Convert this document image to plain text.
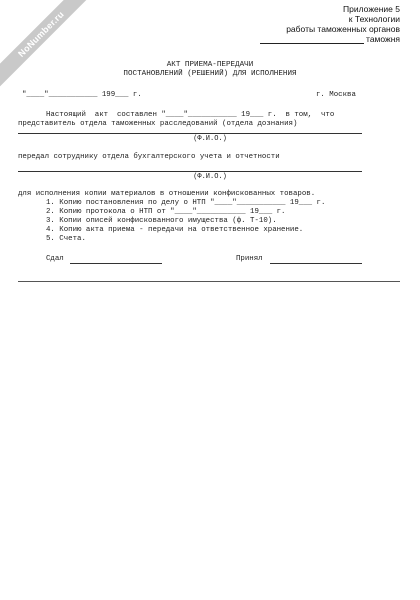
NoNumber.ru
Приложение 5
к Технологии
работы таможенных органов
таможня
АКТ ПРИЕМА-ПЕРЕДАЧИ
ПОСТАНОВЛЕНИЙ (РЕШЕНИЙ) ДЛЯ ИСПОЛНЕНИЯ
"____"___________ 199___ г.	г. Москва
Настоящий  акт  составлен "____"___________ 19___ г.  в том,  что
представитель отдела таможенных расследований (отдела дознания)
(Ф.И.О.)
передал сотруднику отдела бухгалтерского учета и отчетности
(Ф.И.О.)
для исполнения копии материалов в отношении конфискованных товаров.
1. Копию постановления по делу о НТП "____"___________ 19___ г.
2. Копию протокола о НТП от "____"___________ 19___ г.
3. Копии описей конфискованного имущества (ф. Т-10).
4. Копию акта приема - передачи на ответственное хранение.
5. Счета.
Сдал	Принял
